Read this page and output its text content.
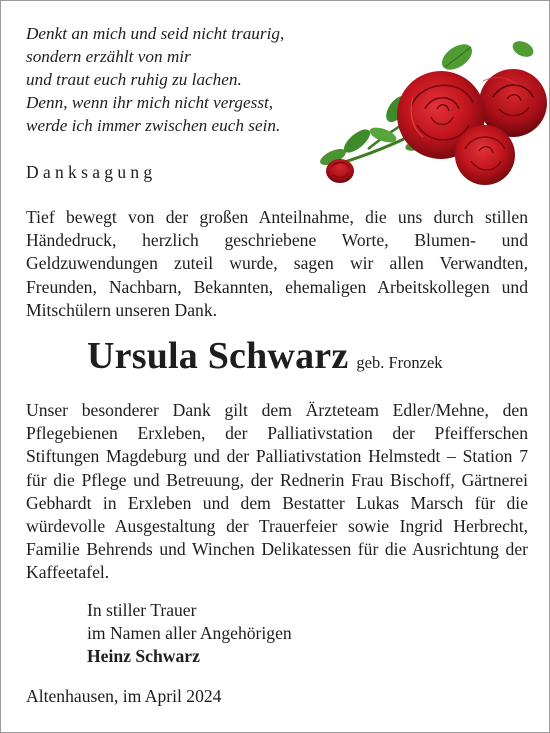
Denkt an mich und seid nicht traurig,
sondern erzählt von mir
und traut euch ruhig zu lachen.
Denn, wenn ihr mich nicht vergesst,
werde ich immer zwischen euch sein.
Danksagung
Tief bewegt von der großen Anteilnahme, die uns durch stillen Händedruck, herzlich geschriebene Worte, Blumen- und Geldzuwendungen zuteil wurde, sagen wir allen Verwandten, Freunden, Nachbarn, Bekannten, ehemaligen Arbeitskollegen und Mitschülern unseren Dank.
Ursula Schwarz geb. Fronzek
Unser besonderer Dank gilt dem Ärzteteam Edler/Mehne, den Pflegebienen Erxleben, der Palliativstation der Pfeifferschen Stiftungen Magdeburg und der Palliativstation Helmstedt – Station 7 für die Pflege und Betreuung, der Rednerin Frau Bischoff, Gärtnerei Gebhardt in Erxleben und dem Bestatter Lukas Marsch für die würdevolle Ausgestaltung der Trauerfeier sowie Ingrid Herbrecht, Familie Behrends und Winchen Delikatessen für die Ausrichtung der Kaffeetafel.
In stiller Trauer
im Namen aller Angehörigen
Heinz Schwarz
Altenhausen, im April 2024
